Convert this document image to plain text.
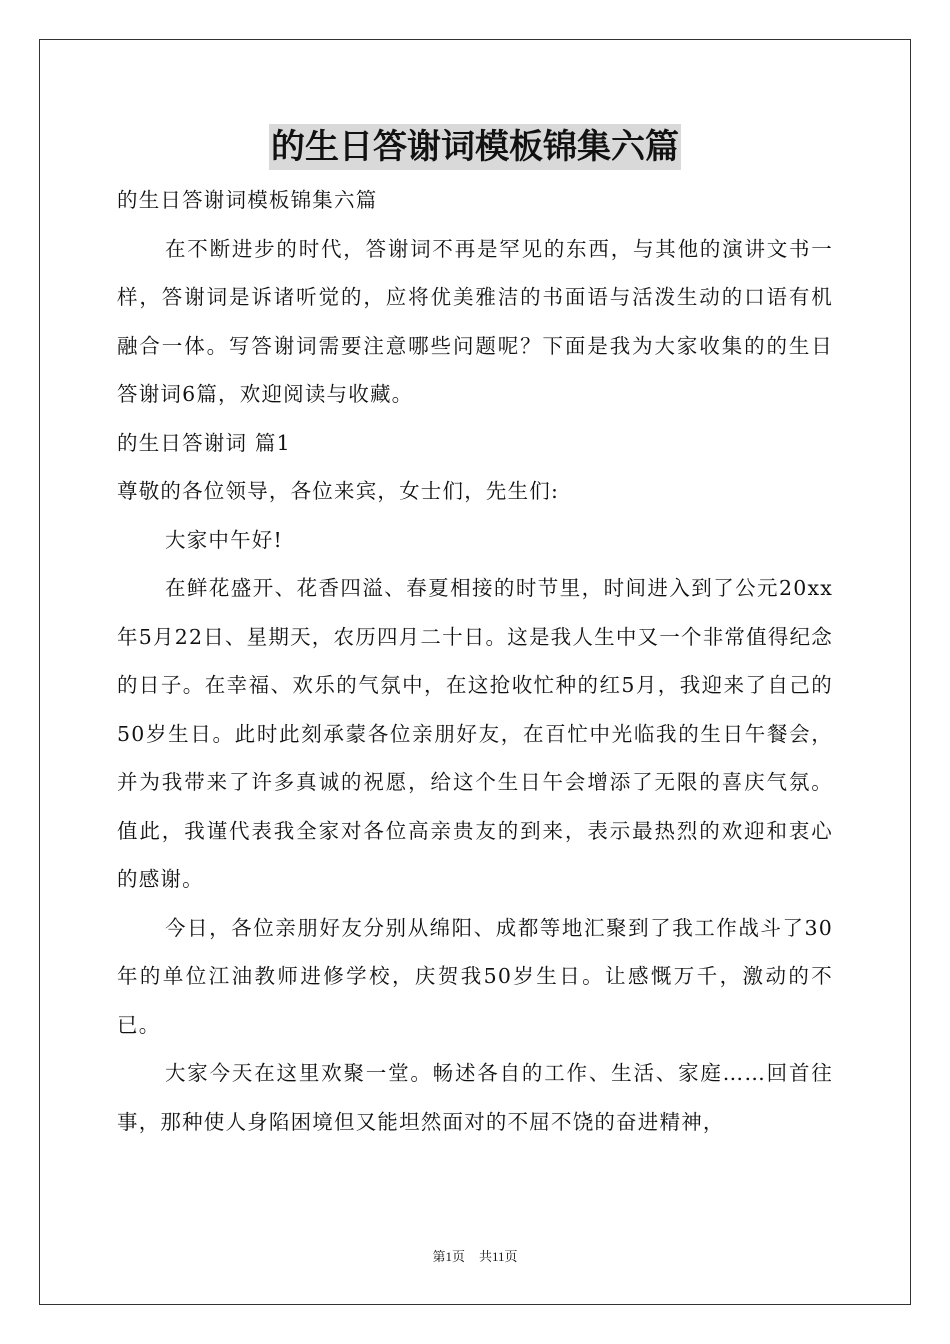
的生日答谢词模板锦集六篇

的生日答谢词模板锦集六篇

在不断进步的时代，答谢词不再是罕见的东西，与其他的演讲文书一样，答谢词是诉诸听觉的，应将优美雅洁的书面语与活泼生动的口语有机融合一体。写答谢词需要注意哪些问题呢？下面是我为大家收集的的生日答谢词6篇，欢迎阅读与收藏。

的生日答谢词 篇1

尊敬的各位领导，各位来宾，女士们，先生们:

大家中午好!

在鲜花盛开、花香四溢、春夏相接的时节里，时间进入到了公元20xx年5月22日、星期天，农历四月二十日。这是我人生中又一个非常值得纪念的日子。在幸福、欢乐的气氛中，在这抢收忙种的红5月，我迎来了自己的50岁生日。此时此刻承蒙各位亲朋好友，在百忙中光临我的生日午餐会，并为我带来了许多真诚的祝愿，给这个生日午会增添了无限的喜庆气氛。值此，我谨代表我全家对各位高亲贵友的到来，表示最热烈的欢迎和衷心的感谢。

今日，各位亲朋好友分别从绵阳、成都等地汇聚到了我工作战斗了30年的单位江油教师进修学校，庆贺我50岁生日。让感慨万千，激动的不已。

大家今天在这里欢聚一堂。畅述各自的工作、生活、家庭……回首往事，那种使人身陷困境但又能坦然面对的不屈不饶的奋进精神，

第1页 共11页
